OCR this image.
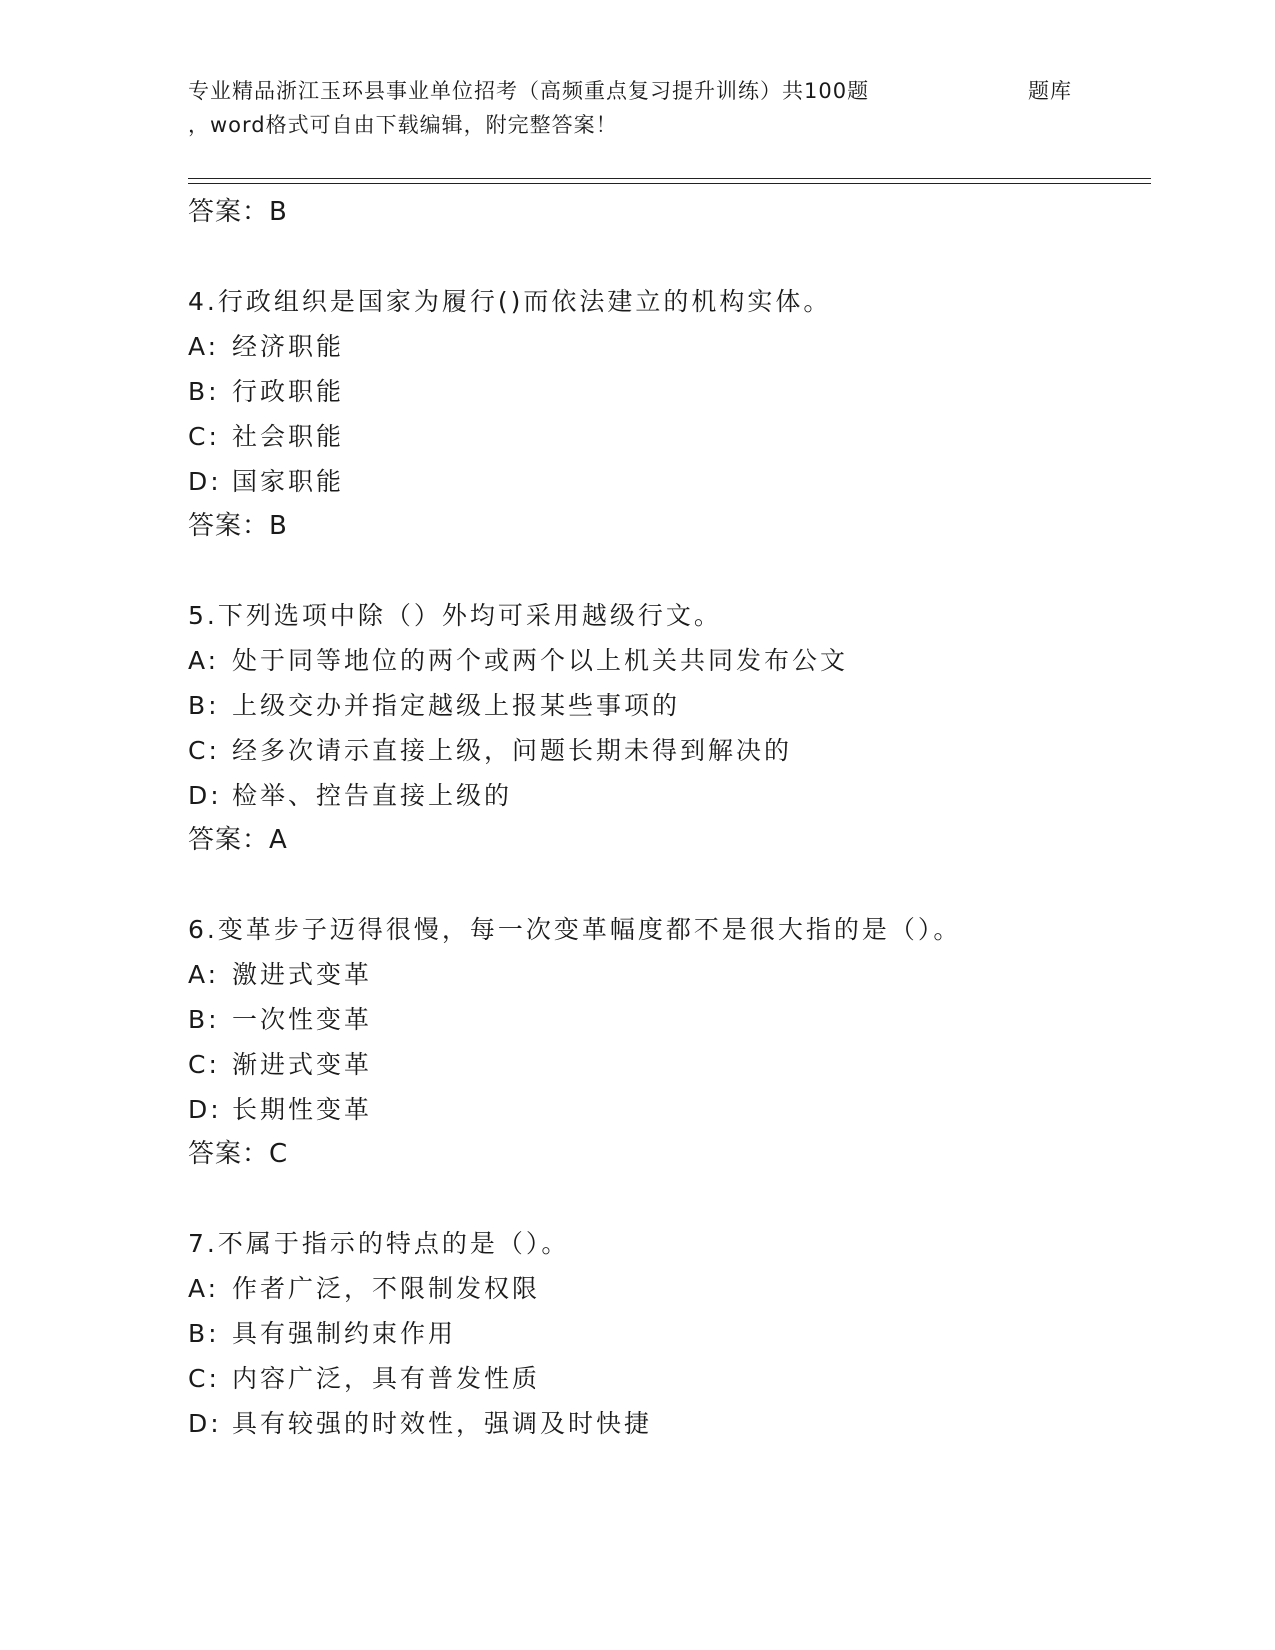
专业精品浙江玉环县事业单位招考（高频重点复习提升训练）共100题	题库
，word格式可自由下载编辑，附完整答案！
答案：B
4.行政组织是国家为履行()而依法建立的机构实体。
A: 经济职能
B: 行政职能
C: 社会职能
D: 国家职能
答案：B
5.下列选项中除（）外均可采用越级行文。
A: 处于同等地位的两个或两个以上机关共同发布公文
B: 上级交办并指定越级上报某些事项的
C: 经多次请示直接上级，问题长期未得到解决的
D: 检举、控告直接上级的
答案：A
6.变革步子迈得很慢，每一次变革幅度都不是很大指的是（）。
A: 激进式变革
B: 一次性变革
C: 渐进式变革
D: 长期性变革
答案：C
7.不属于指示的特点的是（）。
A: 作者广泛，不限制发权限
B: 具有强制约束作用
C: 内容广泛，具有普发性质
D: 具有较强的时效性，强调及时快捷
